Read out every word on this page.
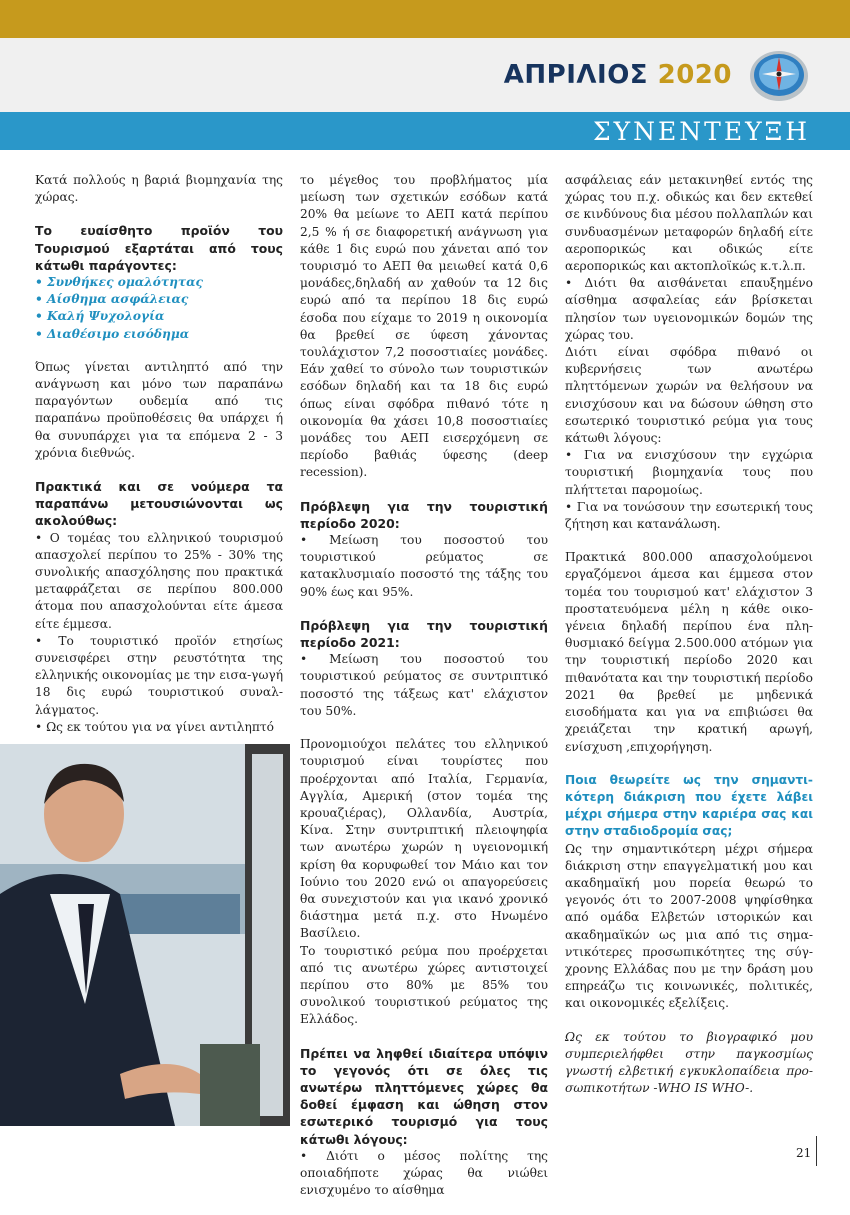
ΑΠΡΙΛΙΟΣ 2020
ΣΥΝΕΝΤΕΥΞΗ

Κατά πολλούς η βαριά βιομηχανία της χώρας.

Το ευαίσθητο προϊόν του Τουρισμού εξαρτάται από τους κάτωθι παράγοντες:

• Συνθήκες ομαλότητας

• Αίσθημα ασφάλειας

• Καλή Ψυχολογία

• Διαθέσιμο εισόδημα

Όπως γίνεται αντιληπτό από την ανάγνωση και μόνο των παραπάνω παραγόντων ουδεμία από τις παραπάνω προϋποθέσεις θα υπάρχει ή θα συνυπάρχει για τα επόμενα 2 - 3 χρόνια διεθνώς.

Πρακτικά και σε νούμερα τα παραπάνω μετουσιώνονται ως ακολούθως:

• Ο τομέας του ελληνικού τουρισμού απασχολεί περίπου το 25% - 30% της συνολικής απασχόλησης που πρακτικά μεταφράζεται σε περίπου 800.000 άτομα που απασχολούνται είτε άμεσα είτε έμμεσα.

• Το τουριστικό προϊόν ετησίως συνεισφέρει στην ρευστότητα της ελληνικής οικονομίας με την εισα-γωγή 18 δις ευρώ τουριστικού συναλ-λάγματος.

• Ως εκ τούτου για να γίνει αντιληπτό

το μέγεθος του προβλήματος μία μείωση των σχετικών εσόδων κατά 20% θα μείωνε το ΑΕΠ κατά περίπου 2,5 % ή σε διαφορετική ανάγνωση για κάθε 1 δις ευρώ που χάνεται από τον τουρισμό το ΑΕΠ θα μειωθεί κατά 0,6 μονάδες,δηλαδή αν χαθούν τα 12 δις ευρώ από τα περίπου 18 δις ευρώ έσοδα που είχαμε το 2019 η οικονομία θα βρεθεί σε ύφεση χάνοντας τουλάχιστον 7,2 ποσοστιαίες μονάδες. Εάν χαθεί το σύνολο των τουριστικών εσόδων δηλαδή και τα 18 δις ευρώ όπως είναι σφόδρα πιθανό τότε η οικονομία θα χάσει 10,8 ποσοστιαίες μονάδες του ΑΕΠ εισερχόμενη σε περίοδο βαθιάς ύφεσης (deep recession).

Πρόβλεψη για την τουριστική περίοδο 2020:

• Μείωση του ποσοστού του τουριστικού ρεύματος σε κατακλυσμιαίο ποσοστό της τάξης του 90% έως και 95%.

Πρόβλεψη για την τουριστική περίοδο 2021:

• Μείωση του ποσοστού του τουριστικού ρεύματος σε συντριπτικό ποσοστό της τάξεως κατ' ελάχιστον του 50%.

Προνομιούχοι πελάτες του ελληνικού τουρισμού είναι τουρίστες που προέρχονται από Ιταλία, Γερμανία, Αγγλία, Αμερική (στον τομέα της κρουαζιέρας), Ολλανδία, Αυστρία, Κίνα. Στην συντριπτική πλειοψηφία των ανωτέρω χωρών η υγειονομική κρίση θα κορυφωθεί τον Μάιο και τον Ιούνιο του 2020 ενώ οι απαγορεύσεις θα συνεχιστούν και για ικανό χρονικό διάστημα μετά π.χ. στο Ηνωμένο Βασίλειο.

Το τουριστικό ρεύμα που προέρχεται από τις ανωτέρω χώρες αντιστοιχεί περίπου στο 80% με 85% του συνολικού τουριστικού ρεύματος της Ελλάδος.

Πρέπει να ληφθεί ιδιαίτερα υπόψιν το γεγονός ότι σε όλες τις ανωτέρω πληττόμενες χώρες θα δοθεί έμφαση και ώθηση στον εσωτερικό τουρισμό για τους κάτωθι λόγους:

• Διότι ο μέσος πολίτης της οποιαδήποτε χώρας θα νιώθει ενισχυμένο το αίσθημα

ασφάλειας εάν μετακινηθεί εντός της χώρας του π.χ. οδικώς και δεν εκτεθεί σε κινδύνους δια μέσου πολλαπλών και συνδυασμένων μεταφορών δηλαδή είτε αεροπορικώς και οδικώς είτε αεροπορικώς και ακτοπλοϊκώς κ.τ.λ.π.

• Διότι θα αισθάνεται επαυξημένο αίσθημα ασφαλείας εάν βρίσκεται πλησίον των υγειονομικών δομών της χώρας του.

Διότι είναι σφόδρα πιθανό οι κυβερνήσεις των ανωτέρω πληττόμενων χωρών να θελήσουν να ενισχύσουν και να δώσουν ώθηση στο εσωτερικό τουριστικό ρεύμα για τους κάτωθι λόγους:

• Για να ενισχύσουν την εγχώρια τουριστική βιομηχανία τους που πλήττεται παρομοίως.

• Για να τονώσουν την εσωτερική τους ζήτηση και κατανάλωση.

Πρακτικά 800.000 απασχολούμενοι εργαζόμενοι άμεσα και έμμεσα στον τομέα του τουρισμού κατ' ελάχιστον 3 προστατευόμενα μέλη η κάθε οικο-γένεια δηλαδή περίπου ένα πλη-θυσμιακό δείγμα 2.500.000 ατόμων για την τουριστική περίοδο 2020 και πιθανότατα και την τουριστική περίοδο 2021 θα βρεθεί με μηδενικά εισοδήματα και για να επιβιώσει θα χρειάζεται την κρατική αρωγή, ενίσχυση ,επιχορήγηση.

Ποια θεωρείτε ως την σημαντι-κότερη διάκριση που έχετε λάβει μέχρι σήμερα στην καριέρα σας και στην σταδιοδρομία σας;

Ως την σημαντικότερη μέχρι σήμερα διάκριση στην επαγγελματική μου και ακαδημαϊκή μου πορεία θεωρώ το γεγονός ότι το 2007-2008 ψηφίσθηκα από ομάδα Ελβετών ιστορικών και ακαδημαϊκών ως μια από τις σημα-ντικότερες προσωπικότητες της σύγ-χρονης Ελλάδας που με την δράση μου επηρεάζω τις κοινωνικές, πολιτικές, και οικονομικές εξελίξεις.

Ως εκ τούτου το βιογραφικό μου συμπεριελήφθει στην παγκοσμίως γνωστή ελβετική εγκυκλοπαίδεια προ-σωπικοτήτων -WHO IS WHO-.

21
